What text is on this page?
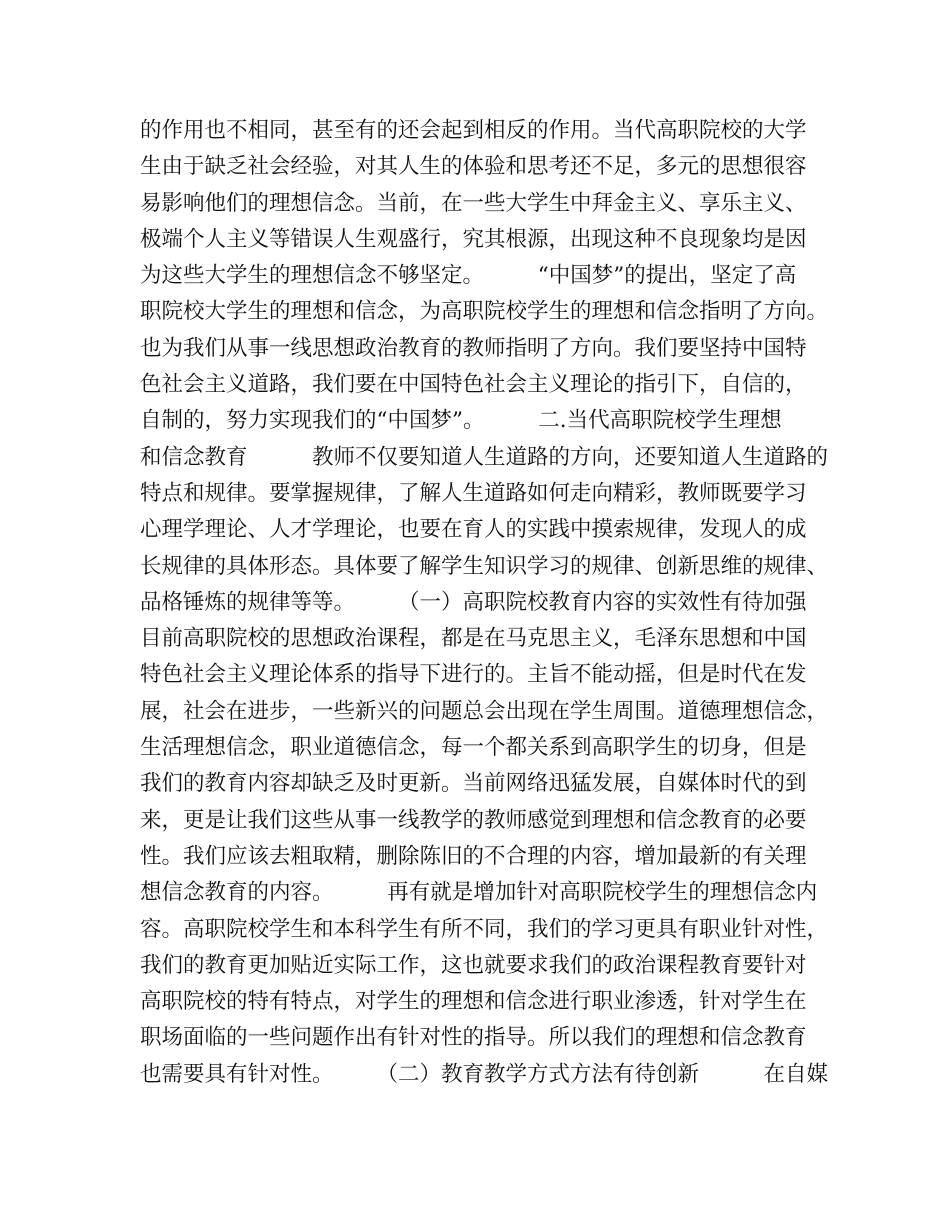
的作用也不相同，甚至有的还会起到相反的作用。当代高职院校的大学
生由于缺乏社会经验，对其人生的体验和思考还不足，多元的思想很容
易影响他们的理想信念。当前，在一些大学生中拜金主义、享乐主义、
极端个人主义等错误人生观盛行，究其根源，出现这种不良现象均是因
为这些大学生的理想信念不够坚定。　　　“中国梦”的提出，坚定了高
职院校大学生的理想和信念，为高职院校学生的理想和信念指明了方向。
也为我们从事一线思想政治教育的教师指明了方向。我们要坚持中国特
色社会主义道路，我们要在中国特色社会主义理论的指引下，自信的，
自制的，努力实现我们的“中国梦”。　　　二.当代高职院校学生理想
和信念教育　　　教师不仅要知道人生道路的方向，还要知道人生道路的
特点和规律。要掌握规律，了解人生道路如何走向精彩，教师既要学习
心理学理论、人才学理论，也要在育人的实践中摸索规律，发现人的成
长规律的具体形态。具体要了解学生知识学习的规律、创新思维的规律、
品格锤炼的规律等等。　　　（一）高职院校教育内容的实效性有待加强
目前高职院校的思想政治课程，都是在马克思主义，毛泽东思想和中国
特色社会主义理论体系的指导下进行的。主旨不能动摇，但是时代在发
展，社会在进步，一些新兴的问题总会出现在学生周围。道德理想信念，
生活理想信念，职业道德信念，每一个都关系到高职学生的切身，但是
我们的教育内容却缺乏及时更新。当前网络迅猛发展，自媒体时代的到
来，更是让我们这些从事一线教学的教师感觉到理想和信念教育的必要
性。我们应该去粗取精，删除陈旧的不合理的内容，增加最新的有关理
想信念教育的内容。　　　再有就是增加针对高职院校学生的理想信念内
容。高职院校学生和本科学生有所不同，我们的学习更具有职业针对性，
我们的教育更加贴近实际工作，这也就要求我们的政治课程教育要针对
高职院校的特有特点，对学生的理想和信念进行职业渗透，针对学生在
职场面临的一些问题作出有针对性的指导。所以我们的理想和信念教育
也需要具有针对性。　　　（二）教育教学方式方法有待创新　　　在自媒
